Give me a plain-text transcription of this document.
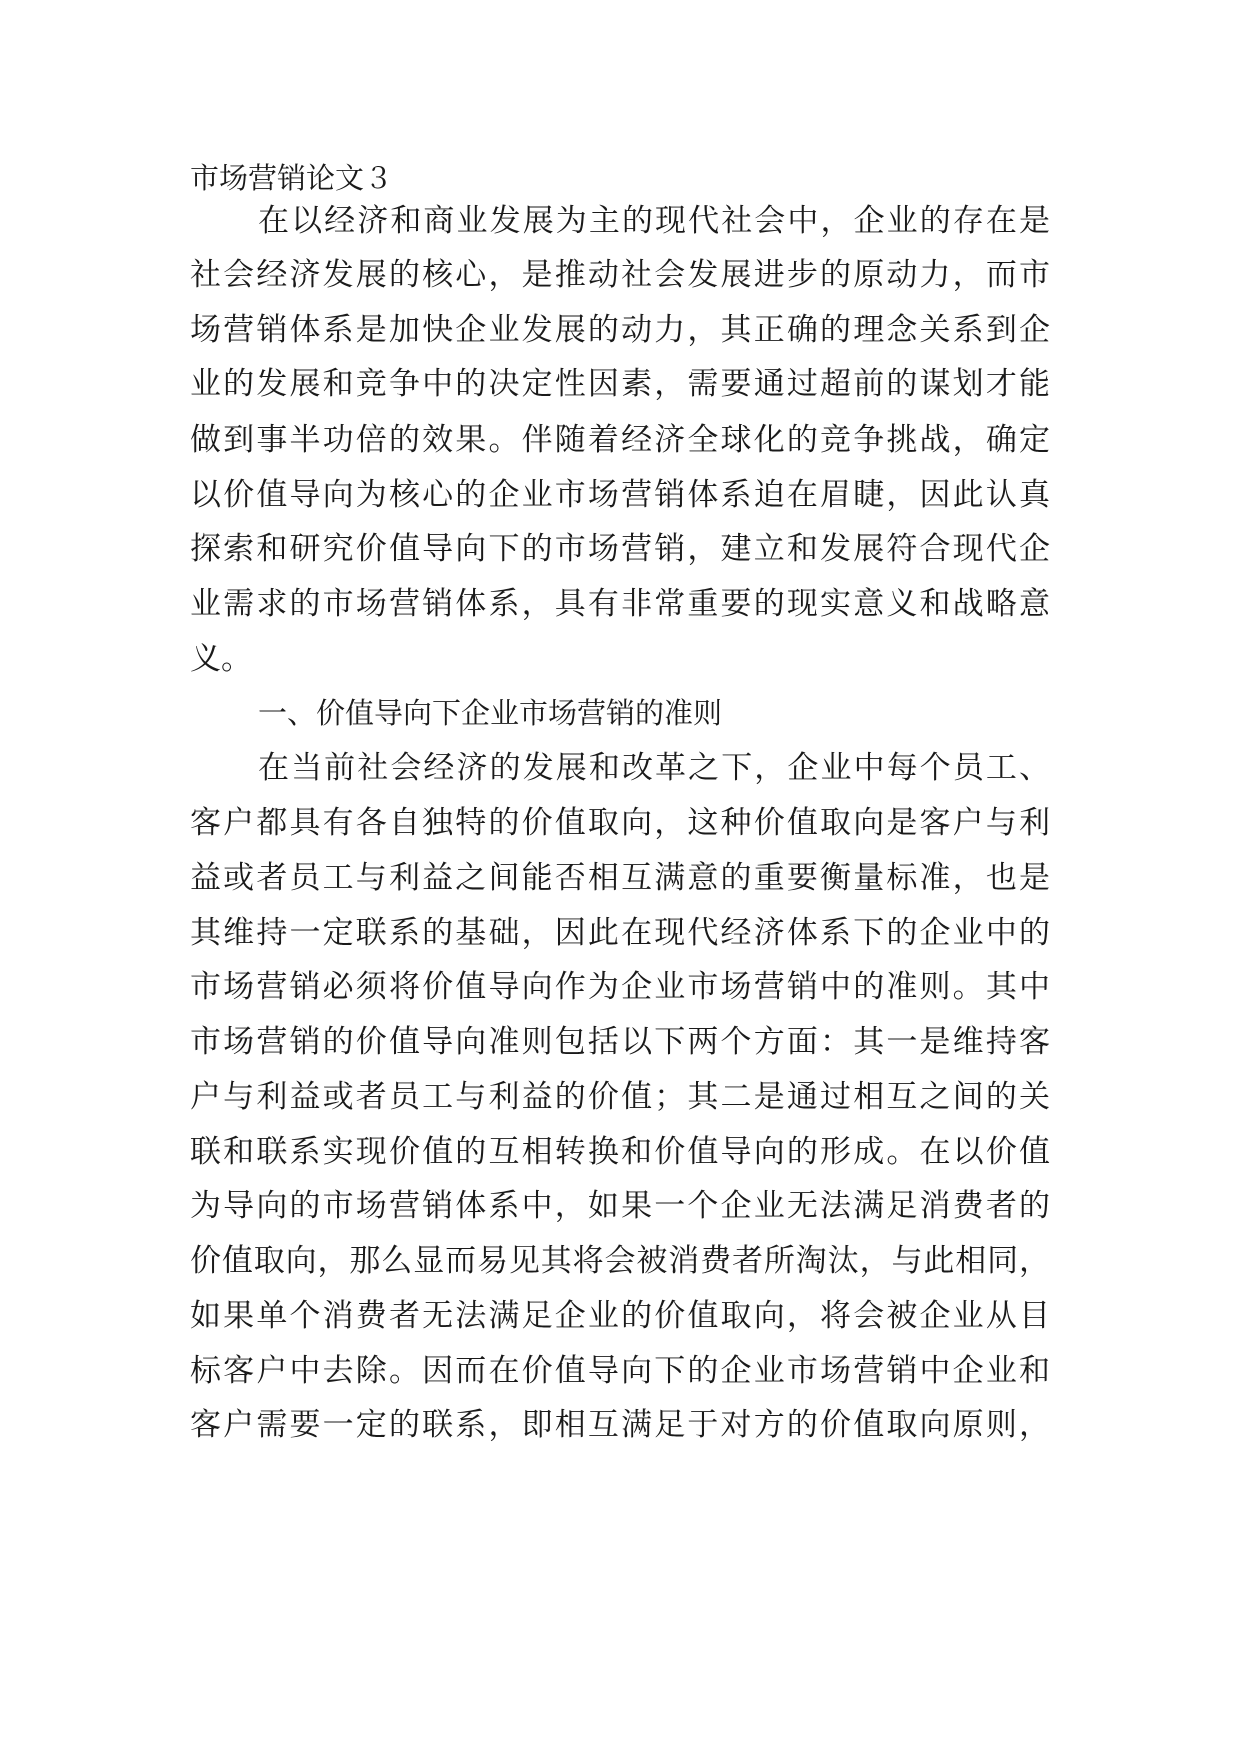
市场营销论文３
在以经济和商业发展为主的现代社会中，企业的存在是
社会经济发展的核心，是推动社会发展进步的原动力，而市
场营销体系是加快企业发展的动力，其正确的理念关系到企
业的发展和竞争中的决定性因素，需要通过超前的谋划才能
做到事半功倍的效果。伴随着经济全球化的竞争挑战，确定
以价值导向为核心的企业市场营销体系迫在眉睫，因此认真
探索和研究价值导向下的市场营销，建立和发展符合现代企
业需求的市场营销体系，具有非常重要的现实意义和战略意
义。
一、价值导向下企业市场营销的准则
在当前社会经济的发展和改革之下，企业中每个员工、
客户都具有各自独特的价值取向，这种价值取向是客户与利
益或者员工与利益之间能否相互满意的重要衡量标准，也是
其维持一定联系的基础，因此在现代经济体系下的企业中的
市场营销必须将价值导向作为企业市场营销中的准则。其中
市场营销的价值导向准则包括以下两个方面：其一是维持客
户与利益或者员工与利益的价值；其二是通过相互之间的关
联和联系实现价值的互相转换和价值导向的形成。在以价值
为导向的市场营销体系中，如果一个企业无法满足消费者的
价值取向，那么显而易见其将会被消费者所淘汰，与此相同，
如果单个消费者无法满足企业的价值取向，将会被企业从目
标客户中去除。因而在价值导向下的企业市场营销中企业和
客户需要一定的联系，即相互满足于对方的价值取向原则，
